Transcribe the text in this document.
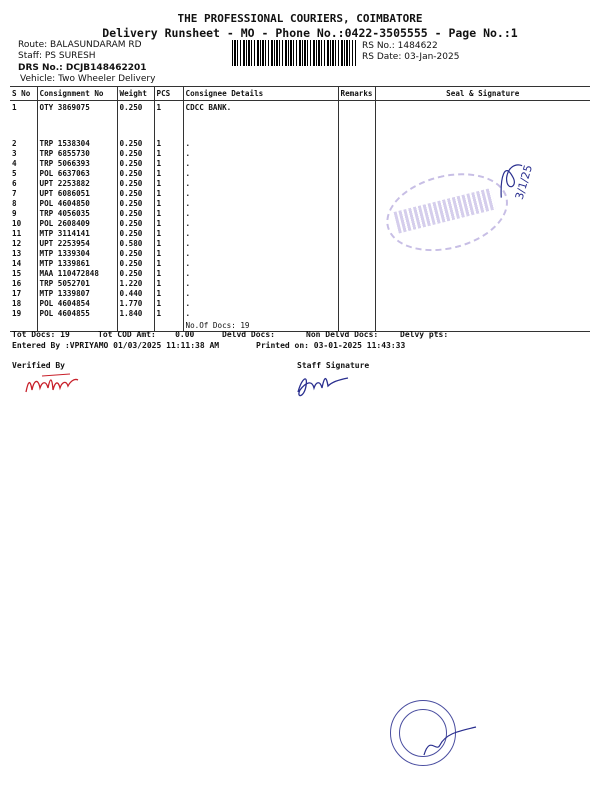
THE PROFESSIONAL COURIERS, COIMBATORE
Delivery Runsheet - MO - Phone No.:0422-3505555 - Page No.:1
Route: BALASUNDARAM RD
Staff: PS SURESH
DRS No.: DCJB148462201
Vehicle: Two Wheeler Delivery
RS No.: 1484622
RS Date: 03-Jan-2025
S No	Consignment No	Weight	PCS	Consignee Details	Remarks	Seal & Signature
1	OTY 3869075	0.250	1	CDCC BANK.		
2	TRP 1538304	0.250	1	.		
3	TRP 6855730	0.250	1	.		
4	TRP 5066393	0.250	1	.		
5	POL 6637063	0.250	1	.		
6	UPT 2253882	0.250	1	.		
7	UPT 6086051	0.250	1	.		
8	POL 4604850	0.250	1	.		
9	TRP 4056035	0.250	1	.		
10	POL 2608409	0.250	1	.		
11	MTP 3114141	0.250	1	.		
12	UPT 2253954	0.580	1	.		
13	MTP 1339304	0.250	1	.		
14	MTP 1339861	0.250	1	.		
15	MAA 110472848	0.250	1	.		
16	TRP 5052701	1.220	1	.		
17	MTP 1339807	0.440	1	.		
18	POL 4604854	1.770	1	.		
19	POL 4604855	1.840	1	.		
				No.Of Docs: 19		
Tot Docs: 19	Tot COD Amt:    0.00	Delvd Docs:	Non Delvd Docs:	Delvy pts:
Entered By :VPRIYAMO 01/03/2025 11:11:38 AM	Printed on: 03-01-2025 11:43:33
Verified By	Staff Signature
3/1/25
